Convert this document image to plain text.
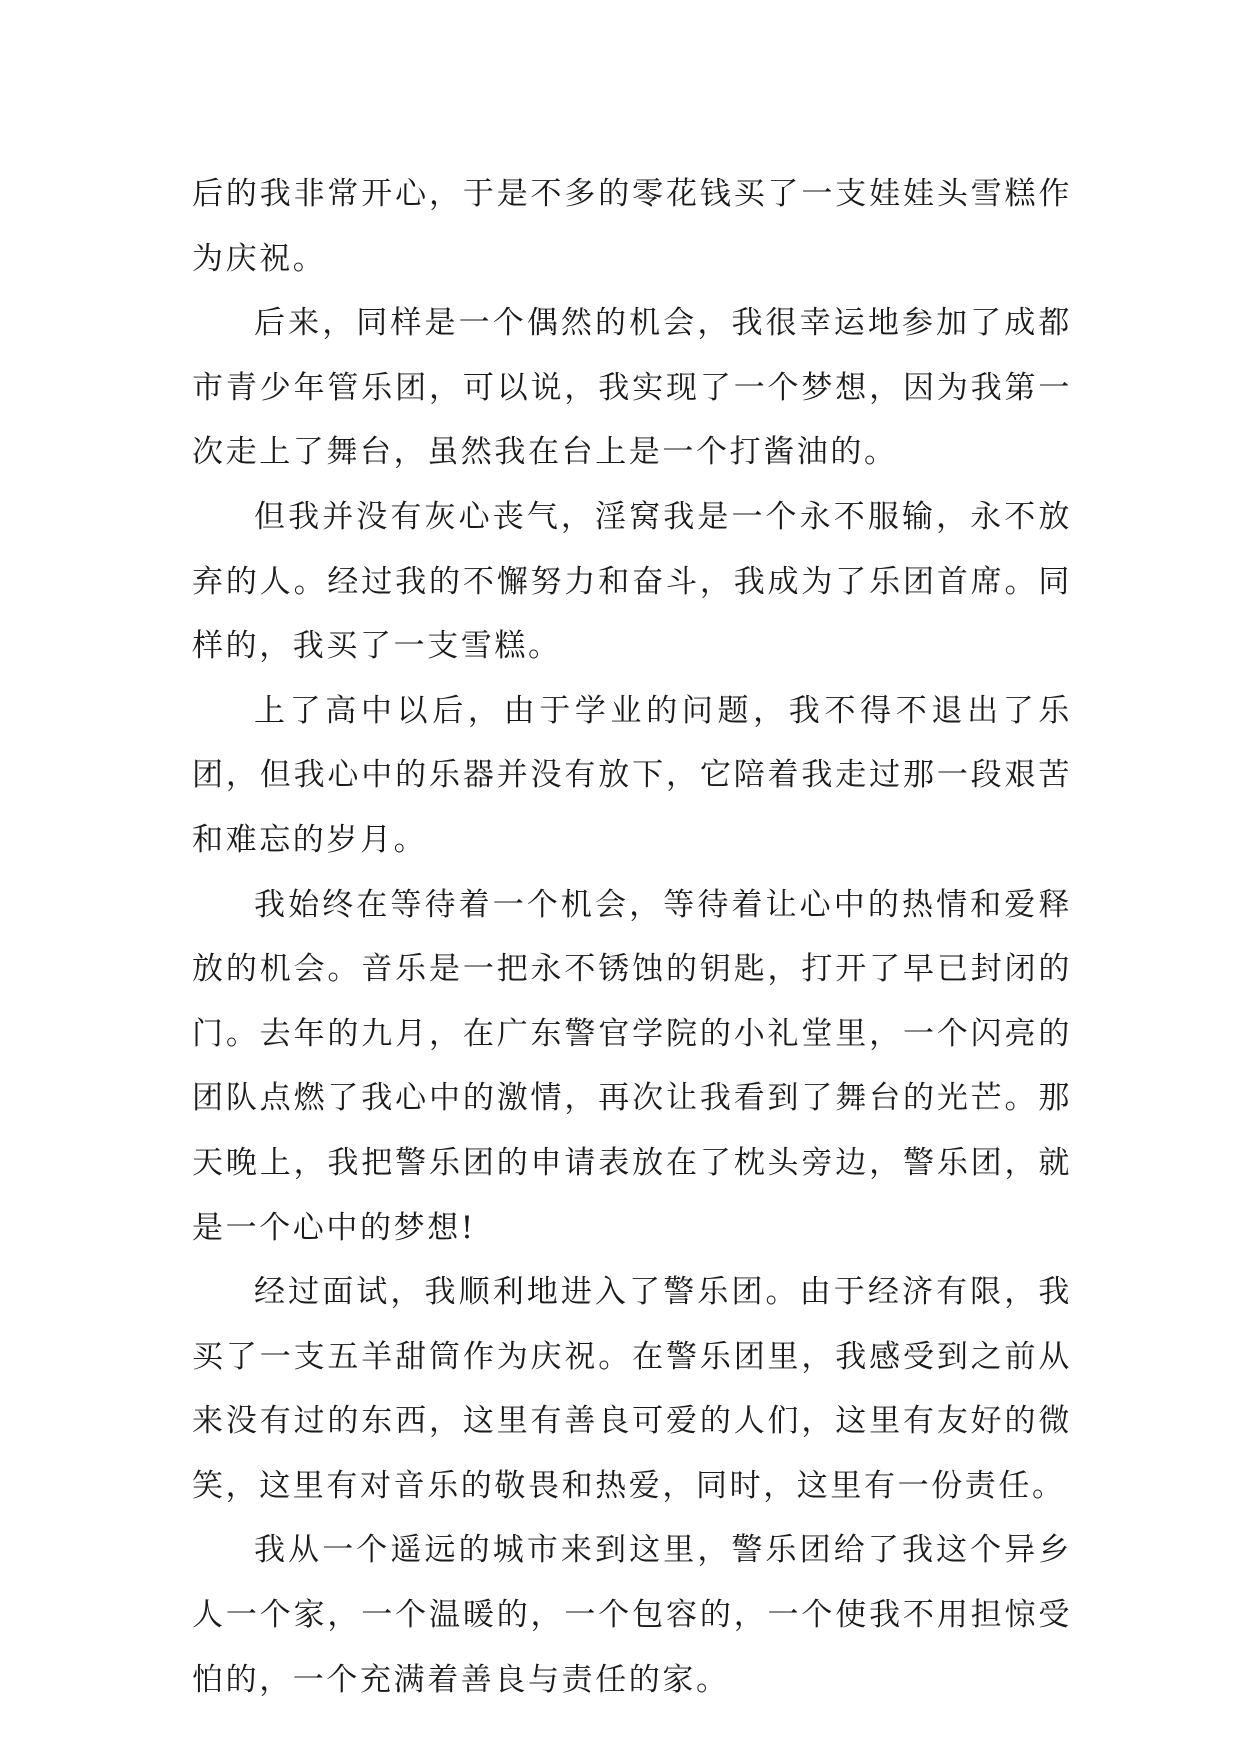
后的我非常开心，于是不多的零花钱买了一支娃娃头雪糕作为庆祝。

后来，同样是一个偶然的机会，我很幸运地参加了成都市青少年管乐团，可以说，我实现了一个梦想，因为我第一次走上了舞台，虽然我在台上是一个打酱油的。

但我并没有灰心丧气，淫窝我是一个永不服输，永不放弃的人。经过我的不懈努力和奋斗，我成为了乐团首席。同样的，我买了一支雪糕。

上了高中以后，由于学业的问题，我不得不退出了乐团，但我心中的乐器并没有放下，它陪着我走过那一段艰苦和难忘的岁月。

我始终在等待着一个机会，等待着让心中的热情和爱释放的机会。音乐是一把永不锈蚀的钥匙，打开了早已封闭的门。去年的九月，在广东警官学院的小礼堂里，一个闪亮的团队点燃了我心中的激情，再次让我看到了舞台的光芒。那天晚上，我把警乐团的申请表放在了枕头旁边，警乐团，就是一个心中的梦想!

经过面试，我顺利地进入了警乐团。由于经济有限，我买了一支五羊甜筒作为庆祝。在警乐团里，我感受到之前从来没有过的东西，这里有善良可爱的人们，这里有友好的微笑，这里有对音乐的敬畏和热爱，同时，这里有一份责任。

我从一个遥远的城市来到这里，警乐团给了我这个异乡人一个家，一个温暖的，一个包容的，一个使我不用担惊受怕的，一个充满着善良与责任的家。
